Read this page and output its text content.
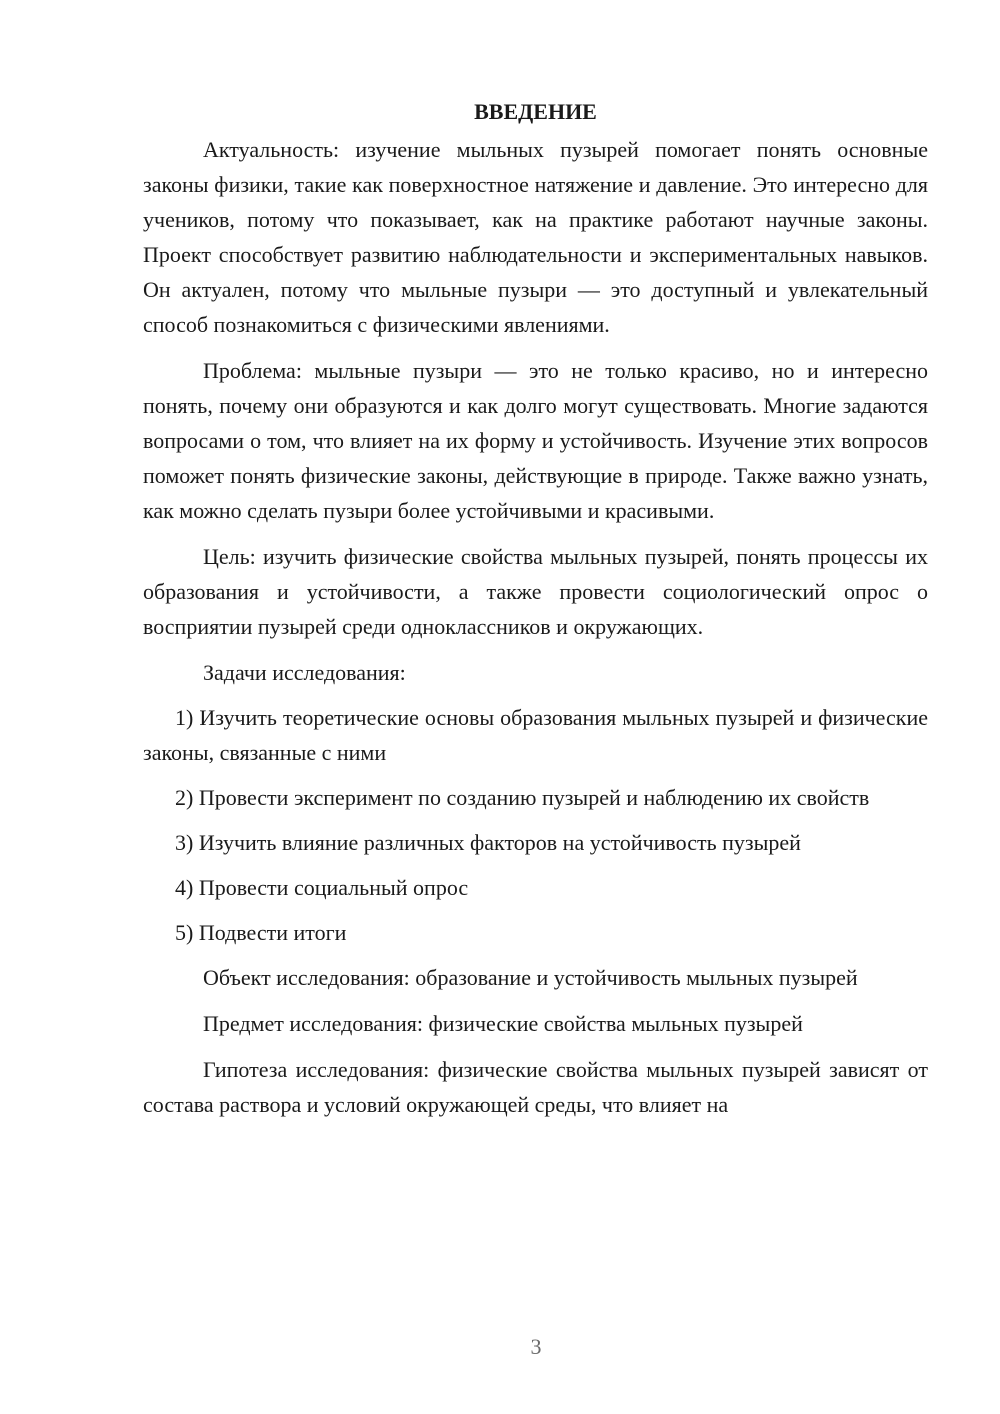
ВВЕДЕНИЕ

Актуальность: изучение мыльных пузырей помогает понять основные законы физики, такие как поверхностное натяжение и давление. Это интересно для учеников, потому что показывает, как на практике работают научные законы. Проект способствует развитию наблюдательности и экспериментальных навыков. Он актуален, потому что мыльные пузыри — это доступный и увлекательный способ познакомиться с физическими явлениями.

Проблема: мыльные пузыри — это не только красиво, но и интересно понять, почему они образуются и как долго могут существовать. Многие задаются вопросами о том, что влияет на их форму и устойчивость. Изучение этих вопросов поможет понять физические законы, действующие в природе. Также важно узнать, как можно сделать пузыри более устойчивыми и красивыми.

Цель: изучить физические свойства мыльных пузырей, понять процессы их образования и устойчивости, а также провести социологический опрос о восприятии пузырей среди одноклассников и окружающих.

Задачи исследования:

1) Изучить теоретические основы образования мыльных пузырей и физические законы, связанные с ними

2) Провести эксперимент по созданию пузырей и наблюдению их свойств

3) Изучить влияние различных факторов на устойчивость пузырей

4) Провести социальный опрос

5) Подвести итоги

Объект исследования: образование и устойчивость мыльных пузырей

Предмет исследования: физические свойства мыльных пузырей

Гипотеза исследования: физические свойства мыльных пузырей зависят от состава раствора и условий окружающей среды, что влияет на

3
